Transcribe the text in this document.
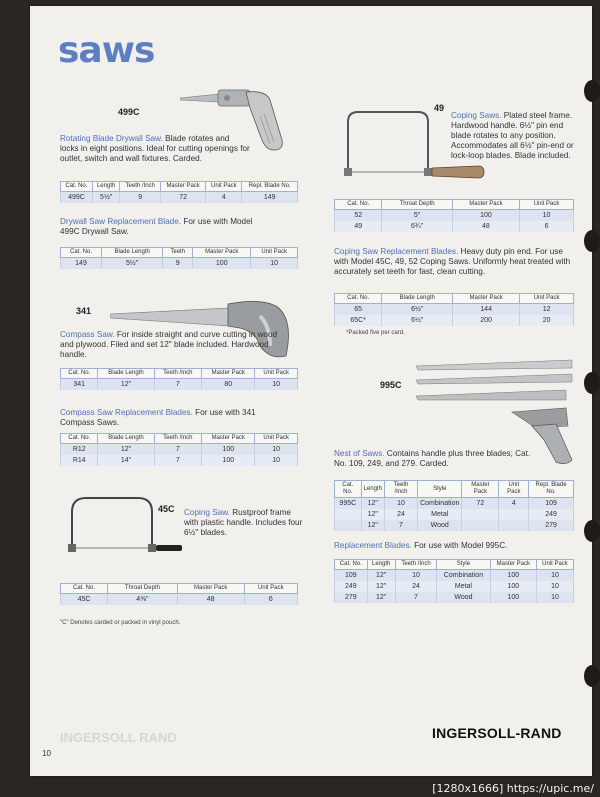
saws
499C
Rotating Blade Drywall Saw. Blade rotates and locks in eight positions. Ideal for cutting openings for outlet, switch and wall fixtures. Carded.
Cat. No.	Length	Teeth /Inch	Master Pack	Unit Pack	Repl. Blade No.
499C	5½"	9	72	4	149
Drywall Saw Replacement Blade. For use with Model 499C Drywall Saw.
Cat. No.	Blade Length	Teeth	Master Pack	Unit Pack
149	5½"	9	100	10
341
Compass Saw. For inside straight and curve cutting in wood and plywood. Filed and set 12" blade included. Hardwood handle.
Cat. No.	Blade Length	Teeth /Inch	Master Pack	Unit Pack
341	12"	7	80	10
Compass Saw Replacement Blades. For use with 341 Compass Saws.
Cat. No.	Blade Length	Teeth /Inch	Master Pack	Unit Pack
R12	12"	7	100	10
R14	14"	7	100	10
45C Coping Saw. Rustproof frame with plastic handle. Includes four 6½" blades.
Cat. No.	Throat Depth	Master Pack	Unit Pack
45C	4⅜"	48	6
"C" Denotes carded or packed in vinyl pouch.
49
Coping Saws. Plated steel frame. Hardwood handle. 6½" pin end blade rotates to any position. Accommodates all 6½" pin-end or lock-loop blades. Blade included.
Cat. No.	Throat Depth	Master Pack	Unit Pack
52	5"	100	10
49	6¾"	48	6
Coping Saw Replacement Blades. Heavy duty pin end. For use with Model 45C, 49, 52 Coping Saws. Uniformly heat treated with accurately set teeth for fast, clean cutting.
Cat. No.	Blade Length	Master Pack	Unit Pack
65	6½"	144	12
65C*	6½"	200	20
*Packed five per card.
995C
Nest of Saws. Contains handle plus three blades; Cat. No. 109, 249, and 279. Carded.
Cat. No.	Length	Teeth /Inch	Style	Master Pack	Unit Pack	Repl. Blade No.
995C	12"	10	Combination	72	4	109
	12"	24	Metal			249
	12"	7	Wood			279
Replacement Blades. For use with Model 995C.
Cat. No.	Length	Teeth /Inch	Style	Master Pack	Unit Pack
109	12"	10	Combination	100	10
249	12"	24	Metal	100	10
279	12"	7	Wood	100	10
INGERSOLL RAND	INGERSOLL-RAND
10
[1280x1666] https://upic.me/
